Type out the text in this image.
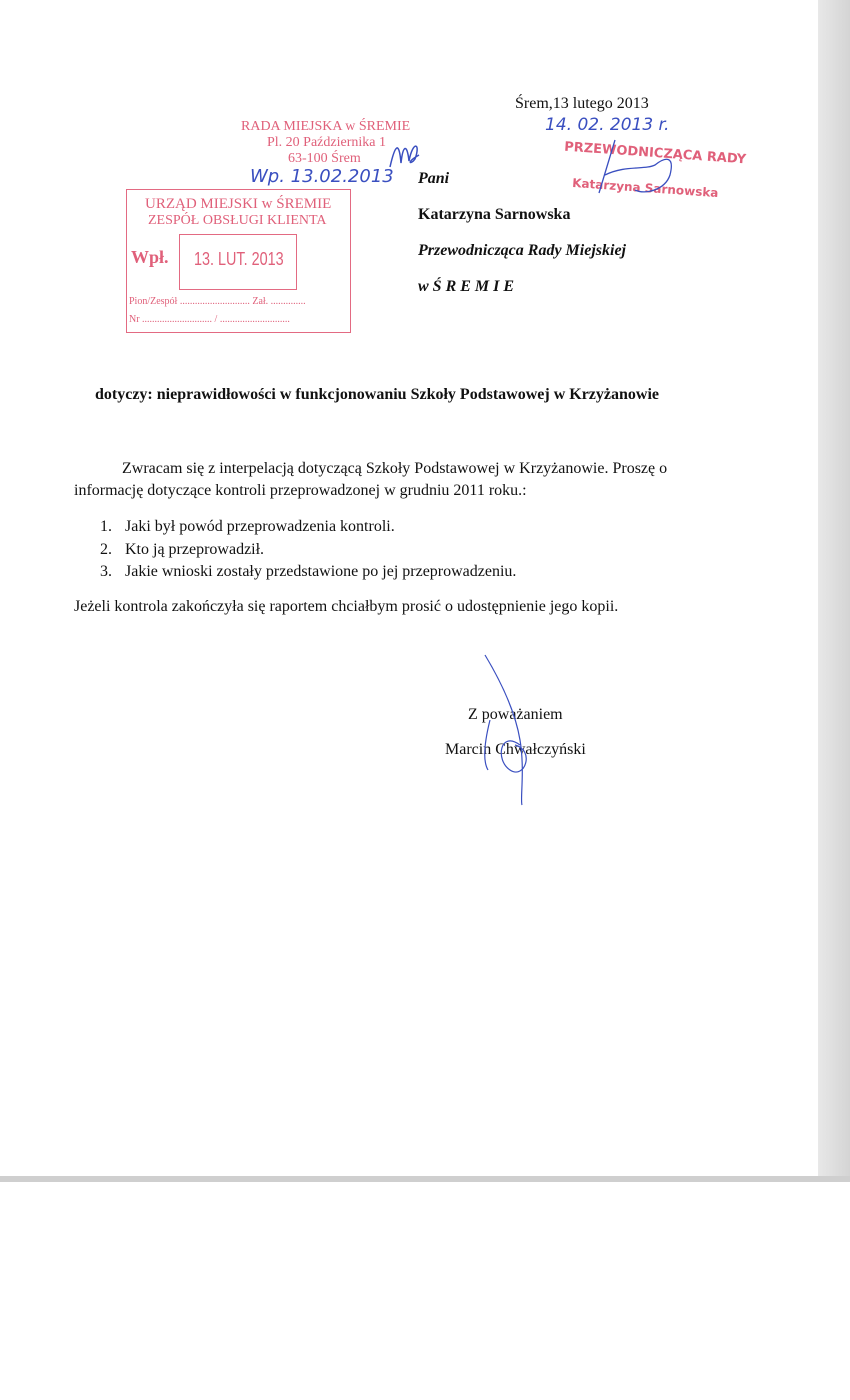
Śrem,13 lutego 2013
14. 02. 2013 r.
RADA MIEJSKA w ŚREMIE
Pl. 20 Października 1
63-100 Śrem
Wp. 13.02.2013
PRZEWODNICZĄCA RADY
Katarzyna Sarnowska
URZĄD MIEJSKI w ŚREMIE
ZESPÓŁ OBSŁUGI KLIENTA
Wpł. 13. LUT. 2013
Pion/Zespół ............................ Zał. ..............
Nr ............................ / ............................
Pani
Katarzyna Sarnowska
Przewodnicząca Rady Miejskiej
w Ś R E M I E
dotyczy: nieprawidłowości w funkcjonowaniu Szkoły Podstawowej w Krzyżanowie
Zwracam się z interpelacją dotyczącą Szkoły Podstawowej w Krzyżanowie. Proszę o
informację dotyczące kontroli przeprowadzonej w grudniu 2011 roku.:
1. Jaki był powód przeprowadzenia kontroli.
2. Kto ją przeprowadził.
3. Jakie wnioski zostały przedstawione po jej przeprowadzeniu.
Jeżeli kontrola zakończyła się raportem chciałbym prosić o udostępnienie jego kopii.
Z poważaniem
Marcin Chwałczyński
